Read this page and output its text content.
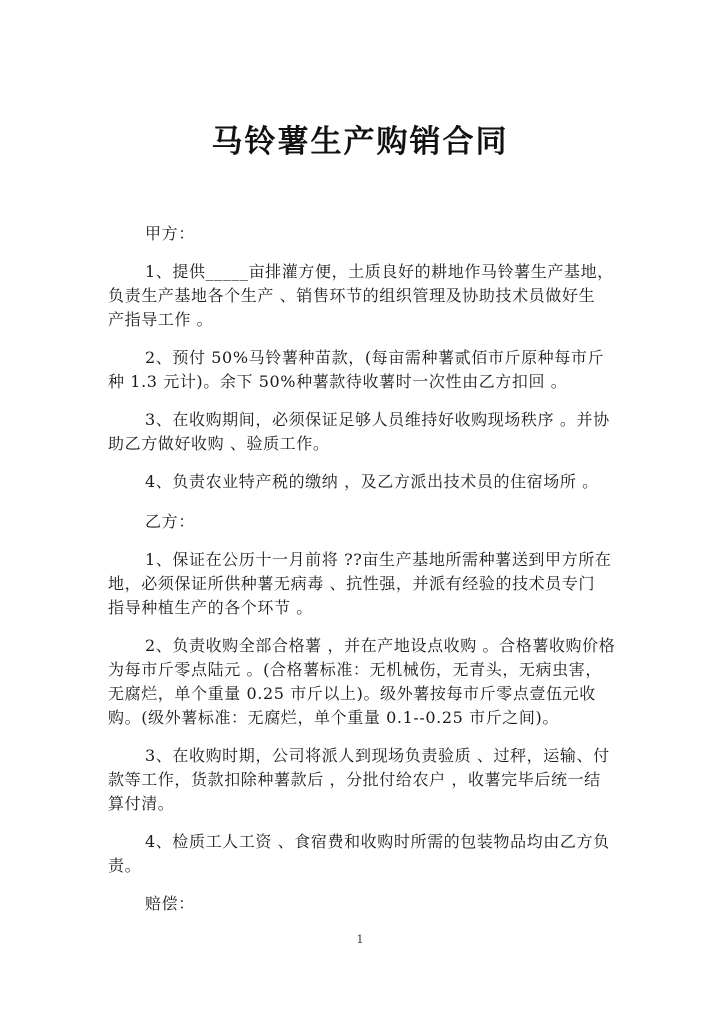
马铃薯生产购销合同
甲方：
1、提供_____亩排灌方便，土质良好的耕地作马铃薯生产基地，
负责生产基地各个生产 、销售环节的组织管理及协助技术员做好生
产指导工作 。
2、预付 50%马铃薯种苗款，(每亩需种薯贰佰市斤原种每市斤
种 1.3 元计)。余下 50%种薯款待收薯时一次性由乙方扣回 。
3、在收购期间，必须保证足够人员维持好收购现场秩序 。并协
助乙方做好收购 、验质工作。
4、负责农业特产税的缴纳 ，及乙方派出技术员的住宿场所 。
乙方：
1、保证在公历十一月前将 ??亩生产基地所需种薯送到甲方所在
地，必须保证所供种薯无病毒 、抗性强，并派有经验的技术员专门
指导种植生产的各个环节 。
2、负责收购全部合格薯 ，并在产地设点收购 。合格薯收购价格
为每市斤零点陆元 。(合格薯标准：无机械伤，无青头，无病虫害，
无腐烂，单个重量 0.25 市斤以上)。级外薯按每市斤零点壹伍元收
购。(级外薯标准：无腐烂，单个重量 0.1--0.25 市斤之间)。
3、在收购时期，公司将派人到现场负责验质 、过秤，运输、付
款等工作，货款扣除种薯款后 ，分批付给农户 ，收薯完毕后统一结
算付清。
4、检质工人工资 、食宿费和收购时所需的包装物品均由乙方负
责。
赔偿：
1
